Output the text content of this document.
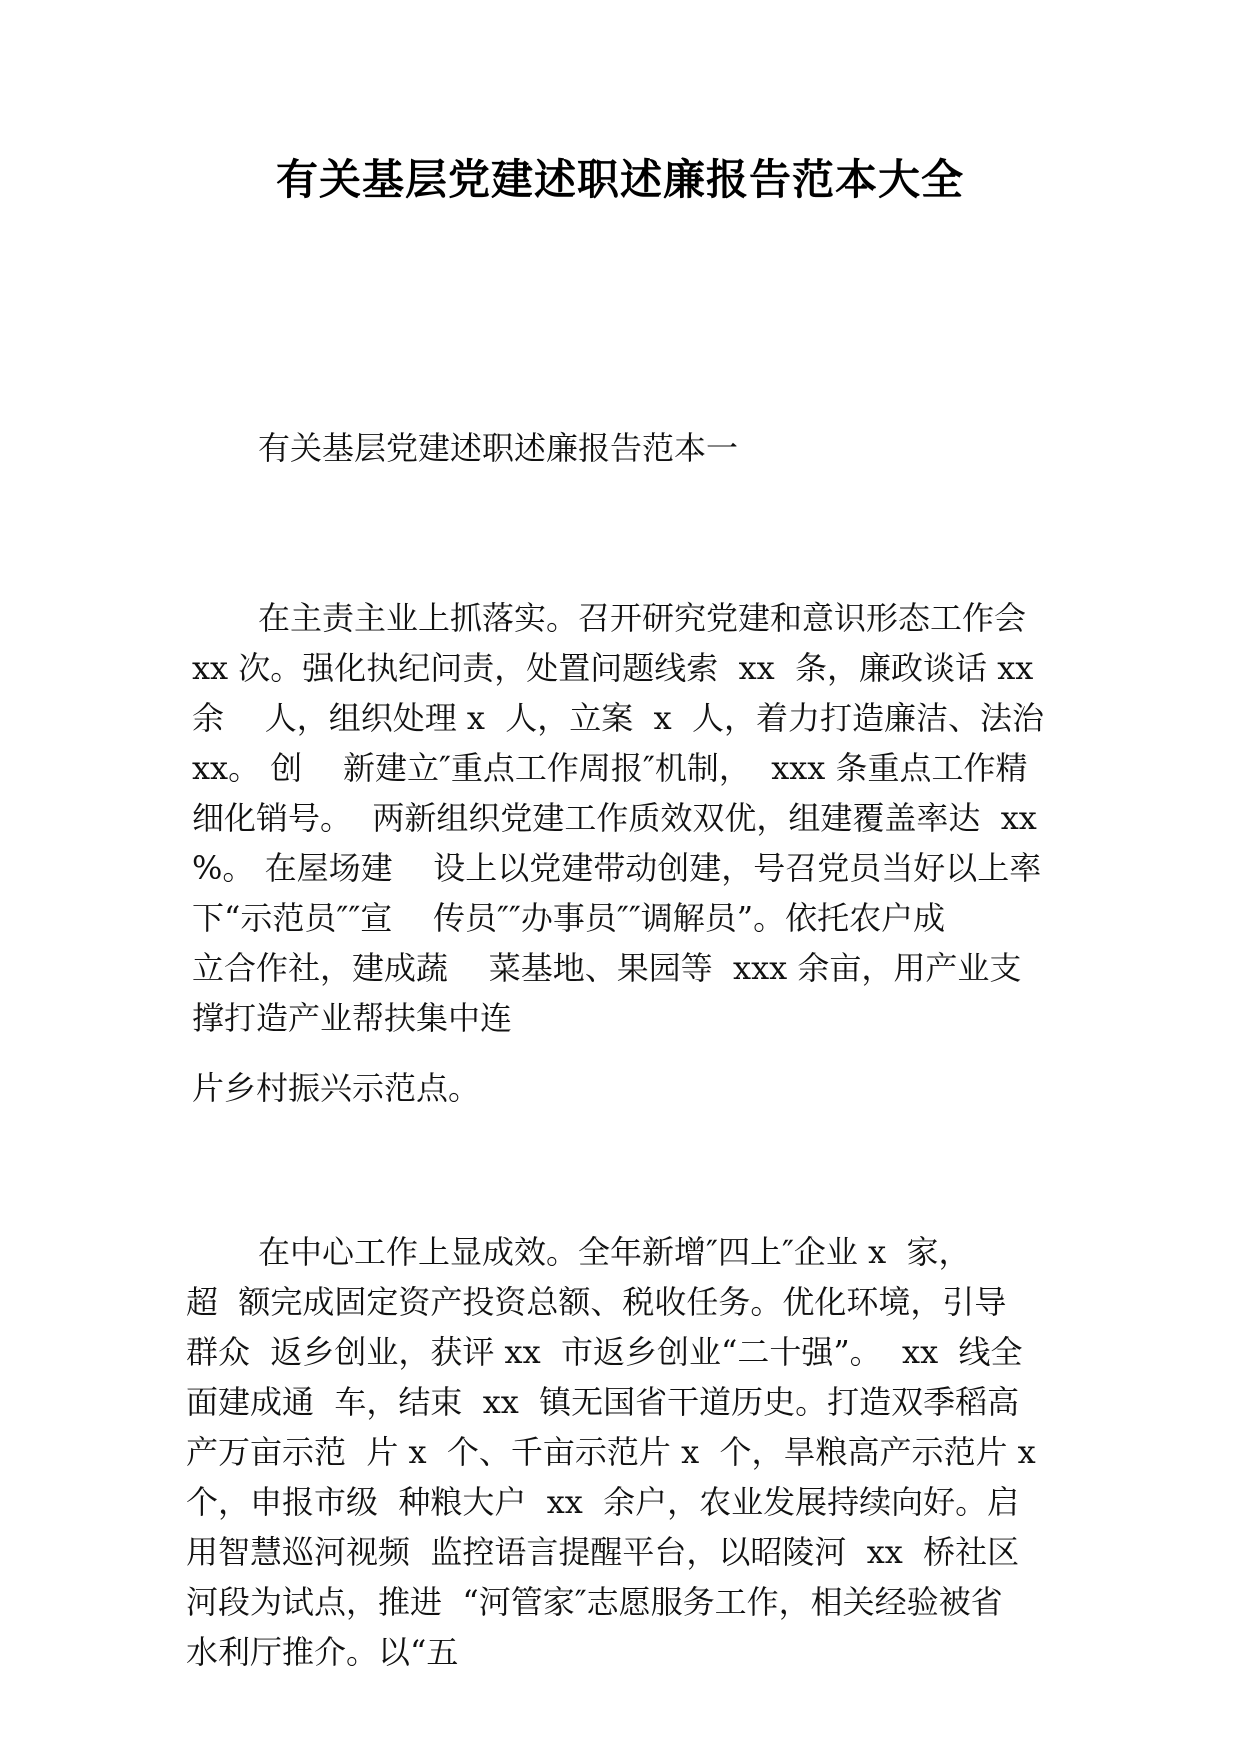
有关基层党建述职述廉报告范本大全
有关基层党建述职述廉报告范本一
在主责主业上抓落实。召开研究党建和意识形态工作会
xx 次。强化执纪问责，处置问题线索  xx  条，廉政谈话 xx
余    人，组织处理 x  人，立案  x  人，着力打造廉洁、法治
xx。 创    新建立″重点工作周报″机制，  xxx 条重点工作精
细化销号。  两新组织党建工作质效双优，组建覆盖率达  xx
%。 在屋场建    设上以党建带动创建，号召党员当好以上率
下“示范员″″宣    传员″″办事员″″调解员”。依托农户成
立合作社，建成蔬    菜基地、果园等  xxx 余亩，用产业支
撑打造产业帮扶集中连
片乡村振兴示范点。
在中心工作上显成效。全年新增″四上″企业 x  家，
超  额完成固定资产投资总额、税收任务。优化环境，引导
群众  返乡创业，获评 xx  市返乡创业“二十强”。  xx  线全
面建成通  车，结束  xx  镇无国省干道历史。打造双季稻高
产万亩示范  片 x  个、千亩示范片 x  个，旱粮高产示范片 x
个，申报市级  种粮大户  xx  余户，农业发展持续向好。启
用智慧巡河视频  监控语言提醒平台，以昭陵河  xx  桥社区
河段为试点，推进  “河管家″志愿服务工作，相关经验被省
水利厅推介。以“五
